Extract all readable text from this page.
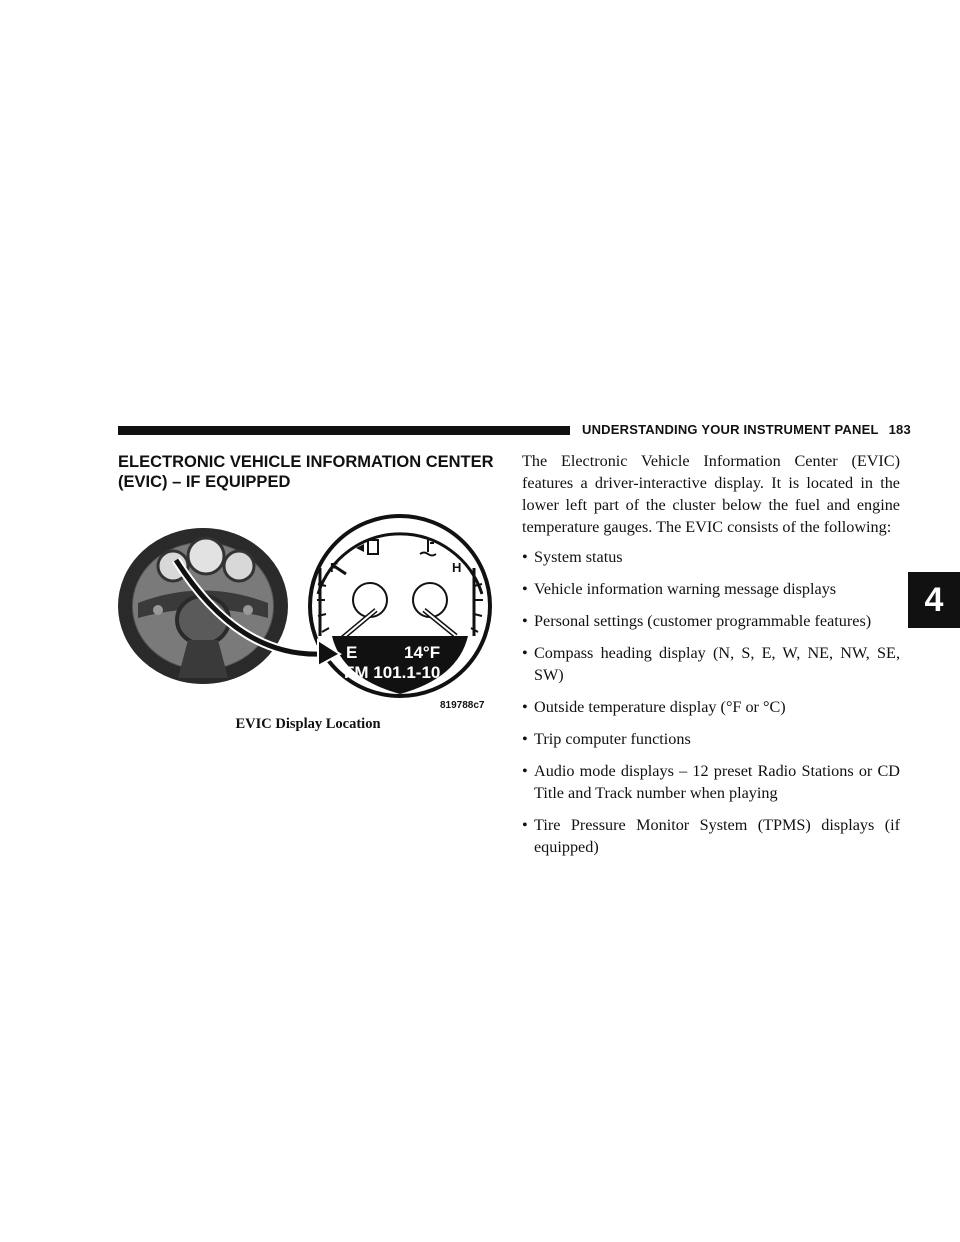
UNDERSTANDING YOUR INSTRUMENT PANEL 183
4
ELECTRONIC VEHICLE INFORMATION CENTER
(EVIC) – IF EQUIPPED
F	H
E	14°F
FM 101.1-10
819788c7
EVIC Display Location

The Electronic Vehicle Information Center (EVIC) features a driver-interactive display. It is located in the lower left part of the cluster below the fuel and engine temperature gauges. The EVIC consists of the following:

• System status
• Vehicle information warning message displays
• Personal settings (customer programmable features)
• Compass heading display (N, S, E, W, NE, NW, SE, SW)
• Outside temperature display (°F or °C)
• Trip computer functions
• Audio mode displays – 12 preset Radio Stations or CD Title and Track number when playing
• Tire Pressure Monitor System (TPMS) displays (if equipped)
